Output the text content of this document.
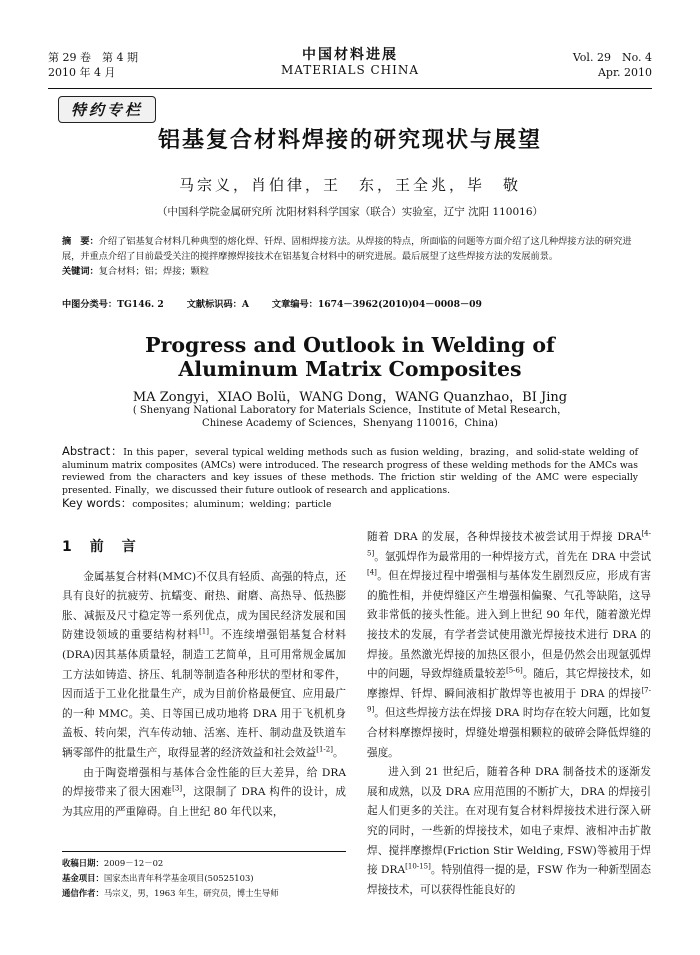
第 29 卷　第 4 期
2010 年 4 月
中国材料进展
MATERIALS CHINA
Vol. 29　No. 4
Apr. 2010
特约专栏
铝基复合材料焊接的研究现状与展望
马宗义，肖伯律，王　东，王全兆，毕　敬
（中国科学院金属研究所 沈阳材料科学国家（联合）实验室，辽宁 沈阳 110016）
摘　要：介绍了铝基复合材料几种典型的熔化焊、钎焊、固相焊接方法。从焊接的特点，所面临的问题等方面介绍了这几种焊接方法的研究进展，并重点介绍了目前最受关注的搅拌摩擦焊接技术在铝基复合材料中的研究进展。最后展望了这些焊接方法的发展前景。
关键词：复合材料；铝；焊接；颗粒
中图分类号：TG146. 2 文献标识码：A 文章编号：1674－3962(2010)04－0008－09
Progress and Outlook in Welding of
Aluminum Matrix Composites
MA Zongyi，XIAO Bolü，WANG Dong，WANG Quanzhao，BI Jing
( Shenyang National Laboratory for Materials Science，Institute of Metal Research，
Chinese Academy of Sciences，Shenyang 110016，China)
Abstract：In this paper，several typical welding methods such as fusion welding，brazing，and solid-state welding of aluminum matrix composites (AMCs) were introduced. The research progress of these welding methods for the AMCs was reviewed from the characters and key issues of these methods. The friction stir welding of the AMC were especially presented. Finally，we discussed their future outlook of research and applications.
Key words：composites；aluminum；welding；particle
1　 前　言

金属基复合材料(MMC)不仅具有轻质、高强的特点，还具有良好的抗疲劳、抗蠕变、耐热、耐磨、高热导、低热膨胀、减振及尺寸稳定等一系列优点，成为国民经济发展和国防建设领域的重要结构材料[1]。不连续增强铝基复合材料(DRA)因其基体质量轻，制造工艺简单，且可用常规金属加工方法如铸造、挤压、轧制等制造各种形状的型材和零件，因而适于工业化批量生产，成为目前价格最便宜、应用最广的一种 MMC。美、日等国已成功地将 DRA 用于飞机机身盖板、转向架，汽车传动轴、活塞、连杆、制动盘及铁道车辆零部件的批量生产，取得显著的经济效益和社会效益[1-2]。

由于陶瓷增强相与基体合金性能的巨大差异，给 DRA 的焊接带来了很大困难[3]，这限制了 DRA 构件的设计，成为其应用的严重障碍。自上世纪 80 年代以来，

随着 DRA 的发展，各种焊接技术被尝试用于焊接 DRA[4-5]。氩弧焊作为最常用的一种焊接方式，首先在 DRA 中尝试[4]。但在焊接过程中增强相与基体发生剧烈反应，形成有害的脆性相，并使焊缝区产生增强相偏聚、气孔等缺陷，这导致非常低的接头性能。进入到上世纪 90 年代，随着激光焊接技术的发展，有学者尝试使用激光焊接技术进行 DRA 的焊接。虽然激光焊接的加热区很小，但是仍然会出现氩弧焊中的问题，导致焊缝质量较差[5-6]。随后，其它焊接技术，如摩擦焊、钎焊、瞬间液相扩散焊等也被用于 DRA 的焊接[7-9]。但这些焊接方法在焊接 DRA 时均存在较大问题，比如复合材料摩擦焊接时，焊缝处增强相颗粒的破碎会降低焊缝的强度。

进入到 21 世纪后，随着各种 DRA 制备技术的逐渐发展和成熟，以及 DRA 应用范围的不断扩大，DRA 的焊接引起人们更多的关注。在对现有复合材料焊接技术进行深入研究的同时，一些新的焊接技术，如电子束焊、液相冲击扩散焊、搅拌摩擦焊(Friction Stir Welding, FSW)等被用于焊接 DRA[10-15]。特别值得一提的是，FSW 作为一种新型固态焊接技术，可以获得性能良好的

收稿日期：2009－12－02
基金项目：国家杰出青年科学基金项目(50525103)
通信作者：马宗义，男，1963 年生，研究员，博士生导师
